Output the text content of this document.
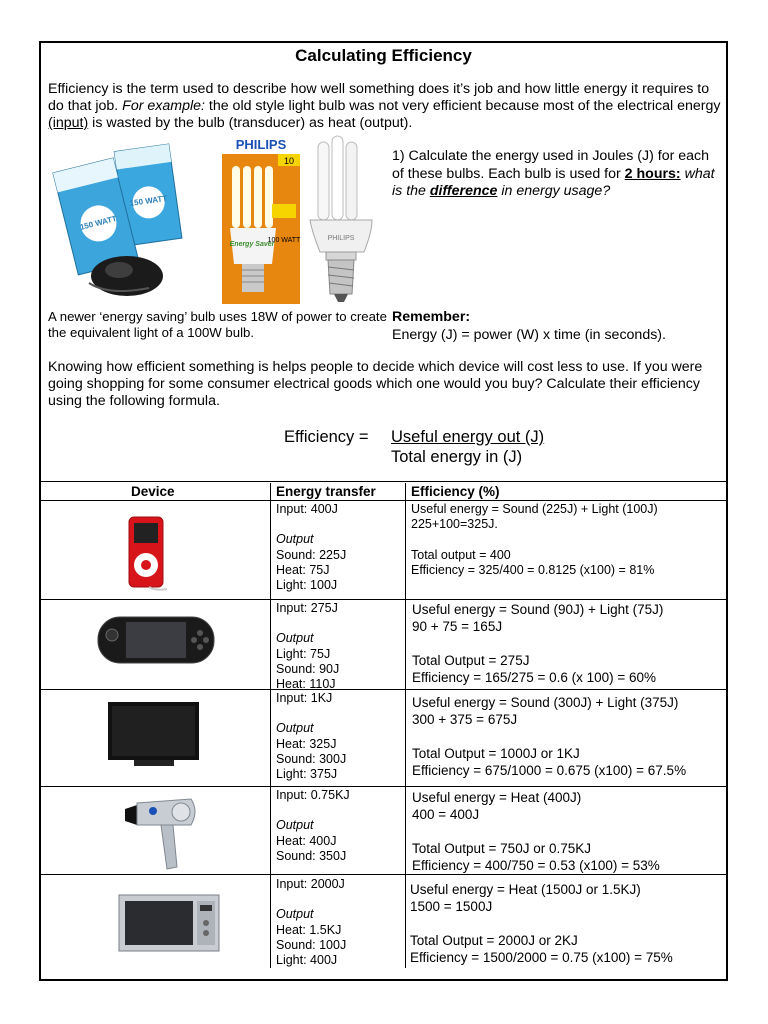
Calculating Efficiency
Efficiency is the term used to describe how well something does it’s job and how little energy it requires to do that job. For example: the old style light bulb was not very efficient because most of the electrical energy (input) is wasted by the bulb (transducer) as heat (output).
150 WATT
150 WATT
PHILIPS
10
Energy Saver
100 WATT	PHILIPS
1) Calculate the energy used in Joules (J) for each of these bulbs. Each bulb is used for 2 hours: what is the difference in energy usage?
A newer ‘energy saving’ bulb uses 18W of power to create the equivalent light of a 100W bulb.
Remember:
Energy (J) = power (W) x time (in seconds).
Knowing how efficient something is helps people to decide which device will cost less to use. If you were going shopping for some consumer electrical goods which one would you buy? Calculate their efficiency using the following formula.
Efficiency = Useful energy out (J)
Total energy in (J)
Device	Energy transfer	Efficiency (%)
Input: 400J

Output
Sound: 225J
Heat: 75J
Light: 100J
Useful energy = Sound (225J) + Light (100J)
225+100=325J.

Total output = 400
Efficiency = 325/400 = 0.8125 (x100) = 81%
Input: 275J

Output
Light: 75J
Sound: 90J
Heat: 110J
Useful energy = Sound (90J) + Light (75J)
90 + 75 = 165J

Total Output = 275J
Efficiency = 165/275 = 0.6 (x 100) = 60%
Input: 1KJ

Output
Heat: 325J
Sound: 300J
Light: 375J
Useful energy = Sound (300J) + Light (375J)
300 + 375 = 675J

Total Output = 1000J or 1KJ
Efficiency = 675/1000 = 0.675 (x100) = 67.5%
Input: 0.75KJ

Output
Heat: 400J
Sound: 350J
Useful energy = Heat (400J)
400 = 400J

Total Output = 750J or 0.75KJ
Efficiency = 400/750 = 0.53 (x100) = 53%
Input: 2000J

Output
Heat: 1.5KJ
Sound: 100J
Light: 400J
Useful energy = Heat (1500J or 1.5KJ)
1500 = 1500J

Total Output = 2000J or 2KJ
Efficiency = 1500/2000 = 0.75 (x100) = 75%
